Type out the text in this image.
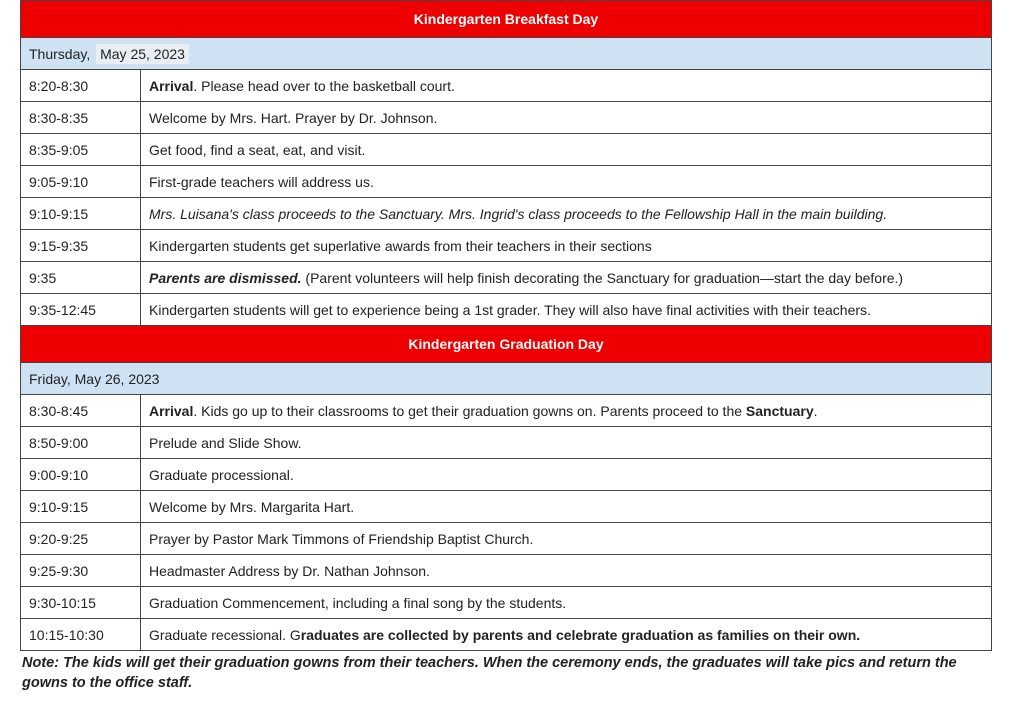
Kindergarten Breakfast Day	
Thursday, May 25, 2023	
8:20-8:30	Arrival. Please head over to the basketball court.
8:30-8:35	Welcome by Mrs. Hart. Prayer by Dr. Johnson.
8:35-9:05	Get food, find a seat, eat, and visit.
9:05-9:10	First-grade teachers will address us.
9:10-9:15	Mrs. Luisana's class proceeds to the Sanctuary. Mrs. Ingrid's class proceeds to the Fellowship Hall in the main building.
9:15-9:35	Kindergarten students get superlative awards from their teachers in their sections
9:35	Parents are dismissed. (Parent volunteers will help finish decorating the Sanctuary for graduation—start the day before.)
9:35-12:45	Kindergarten students will get to experience being a 1st grader. They will also have final activities with their teachers.
Kindergarten Graduation Day	
Friday, May 26, 2023	
8:30-8:45	Arrival. Kids go up to their classrooms to get their graduation gowns on. Parents proceed to the Sanctuary.
8:50-9:00	Prelude and Slide Show.
9:00-9:10	Graduate processional.
9:10-9:15	Welcome by Mrs. Margarita Hart.
9:20-9:25	Prayer by Pastor Mark Timmons of Friendship Baptist Church.
9:25-9:30	Headmaster Address by Dr. Nathan Johnson.
9:30-10:15	Graduation Commencement, including a final song by the students.
10:15-10:30	Graduate recessional. Graduates are collected by parents and celebrate graduation as families on their own.
Note: The kids will get their graduation gowns from their teachers. When the ceremony ends, the graduates will take pics and return the gowns to the office staff.
